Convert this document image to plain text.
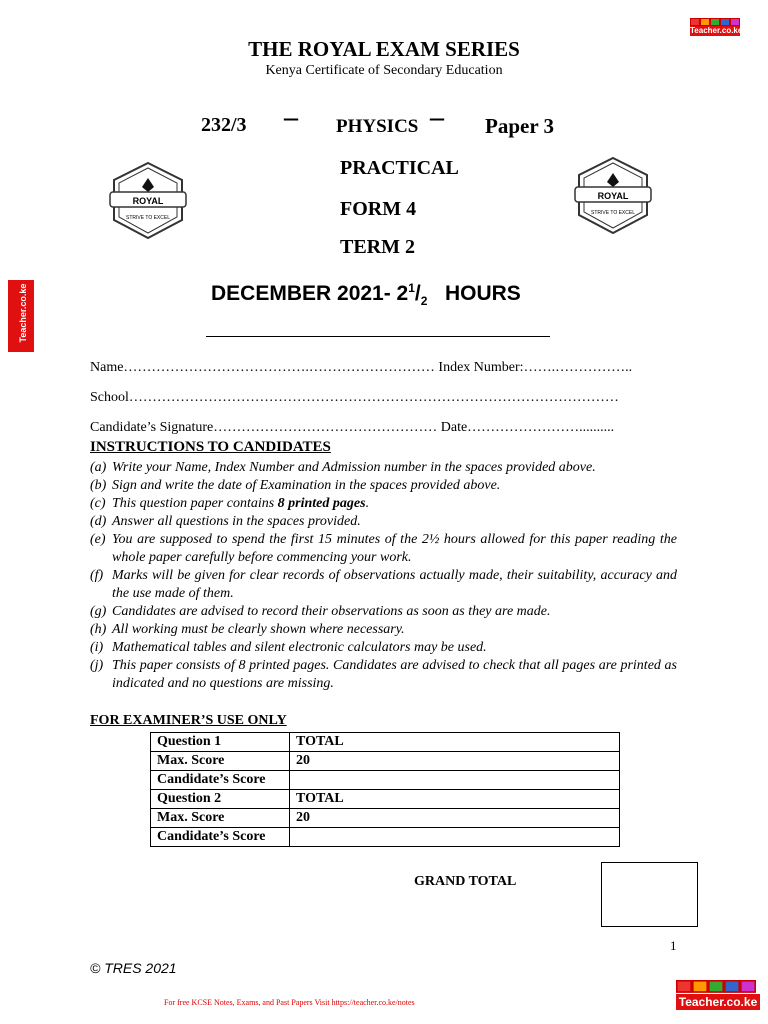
Teacher.co.ke
Teacher.co.ke
THE ROYAL EXAM SERIES
Kenya Certificate of Secondary Education
232/3 – PHYSICS – Paper 3
PRACTICAL
FORM 4
TERM 2
ROYAL
STRIVE TO EXCEL
ROYAL
STRIVE TO EXCEL
DECEMBER 2021- $2^1/_2$ HOURS
Name………………………………….……………………… Index Number:…….……………..
School……………………………………………………………………………………………
Candidate’s Signature………………………………………… Date……………………..........
INSTRUCTIONS TO CANDIDATES
(a) Write your Name, Index Number and Admission number in the spaces provided above.
(b) Sign and write the date of Examination in the spaces provided above.
(c) This question paper contains 8 printed pages.
(d) Answer all questions in the spaces provided.
(e) You are supposed to spend the first 15 minutes of the 2½ hours allowed for this paper reading the whole paper carefully before commencing your work.
(f) Marks will be given for clear records of observations actually made, their suitability, accuracy and the use made of them.
(g) Candidates are advised to record their observations as soon as they are made.
(h) All working must be clearly shown where necessary.
(i) Mathematical tables and silent electronic calculators may be used.
(j) This paper consists of 8 printed pages. Candidates are advised to check that all pages are printed as indicated and no questions are missing.
FOR EXAMINER’S USE ONLY
Question 1	TOTAL
Max. Score	20
Candidate’s Score	
Question 2	TOTAL
Max. Score	20
Candidate’s Score	
GRAND TOTAL
1
© TRES 2021
For free KCSE Notes, Exams, and Past Papers Visit https://teacher.co.ke/notes	Teacher.co.ke
